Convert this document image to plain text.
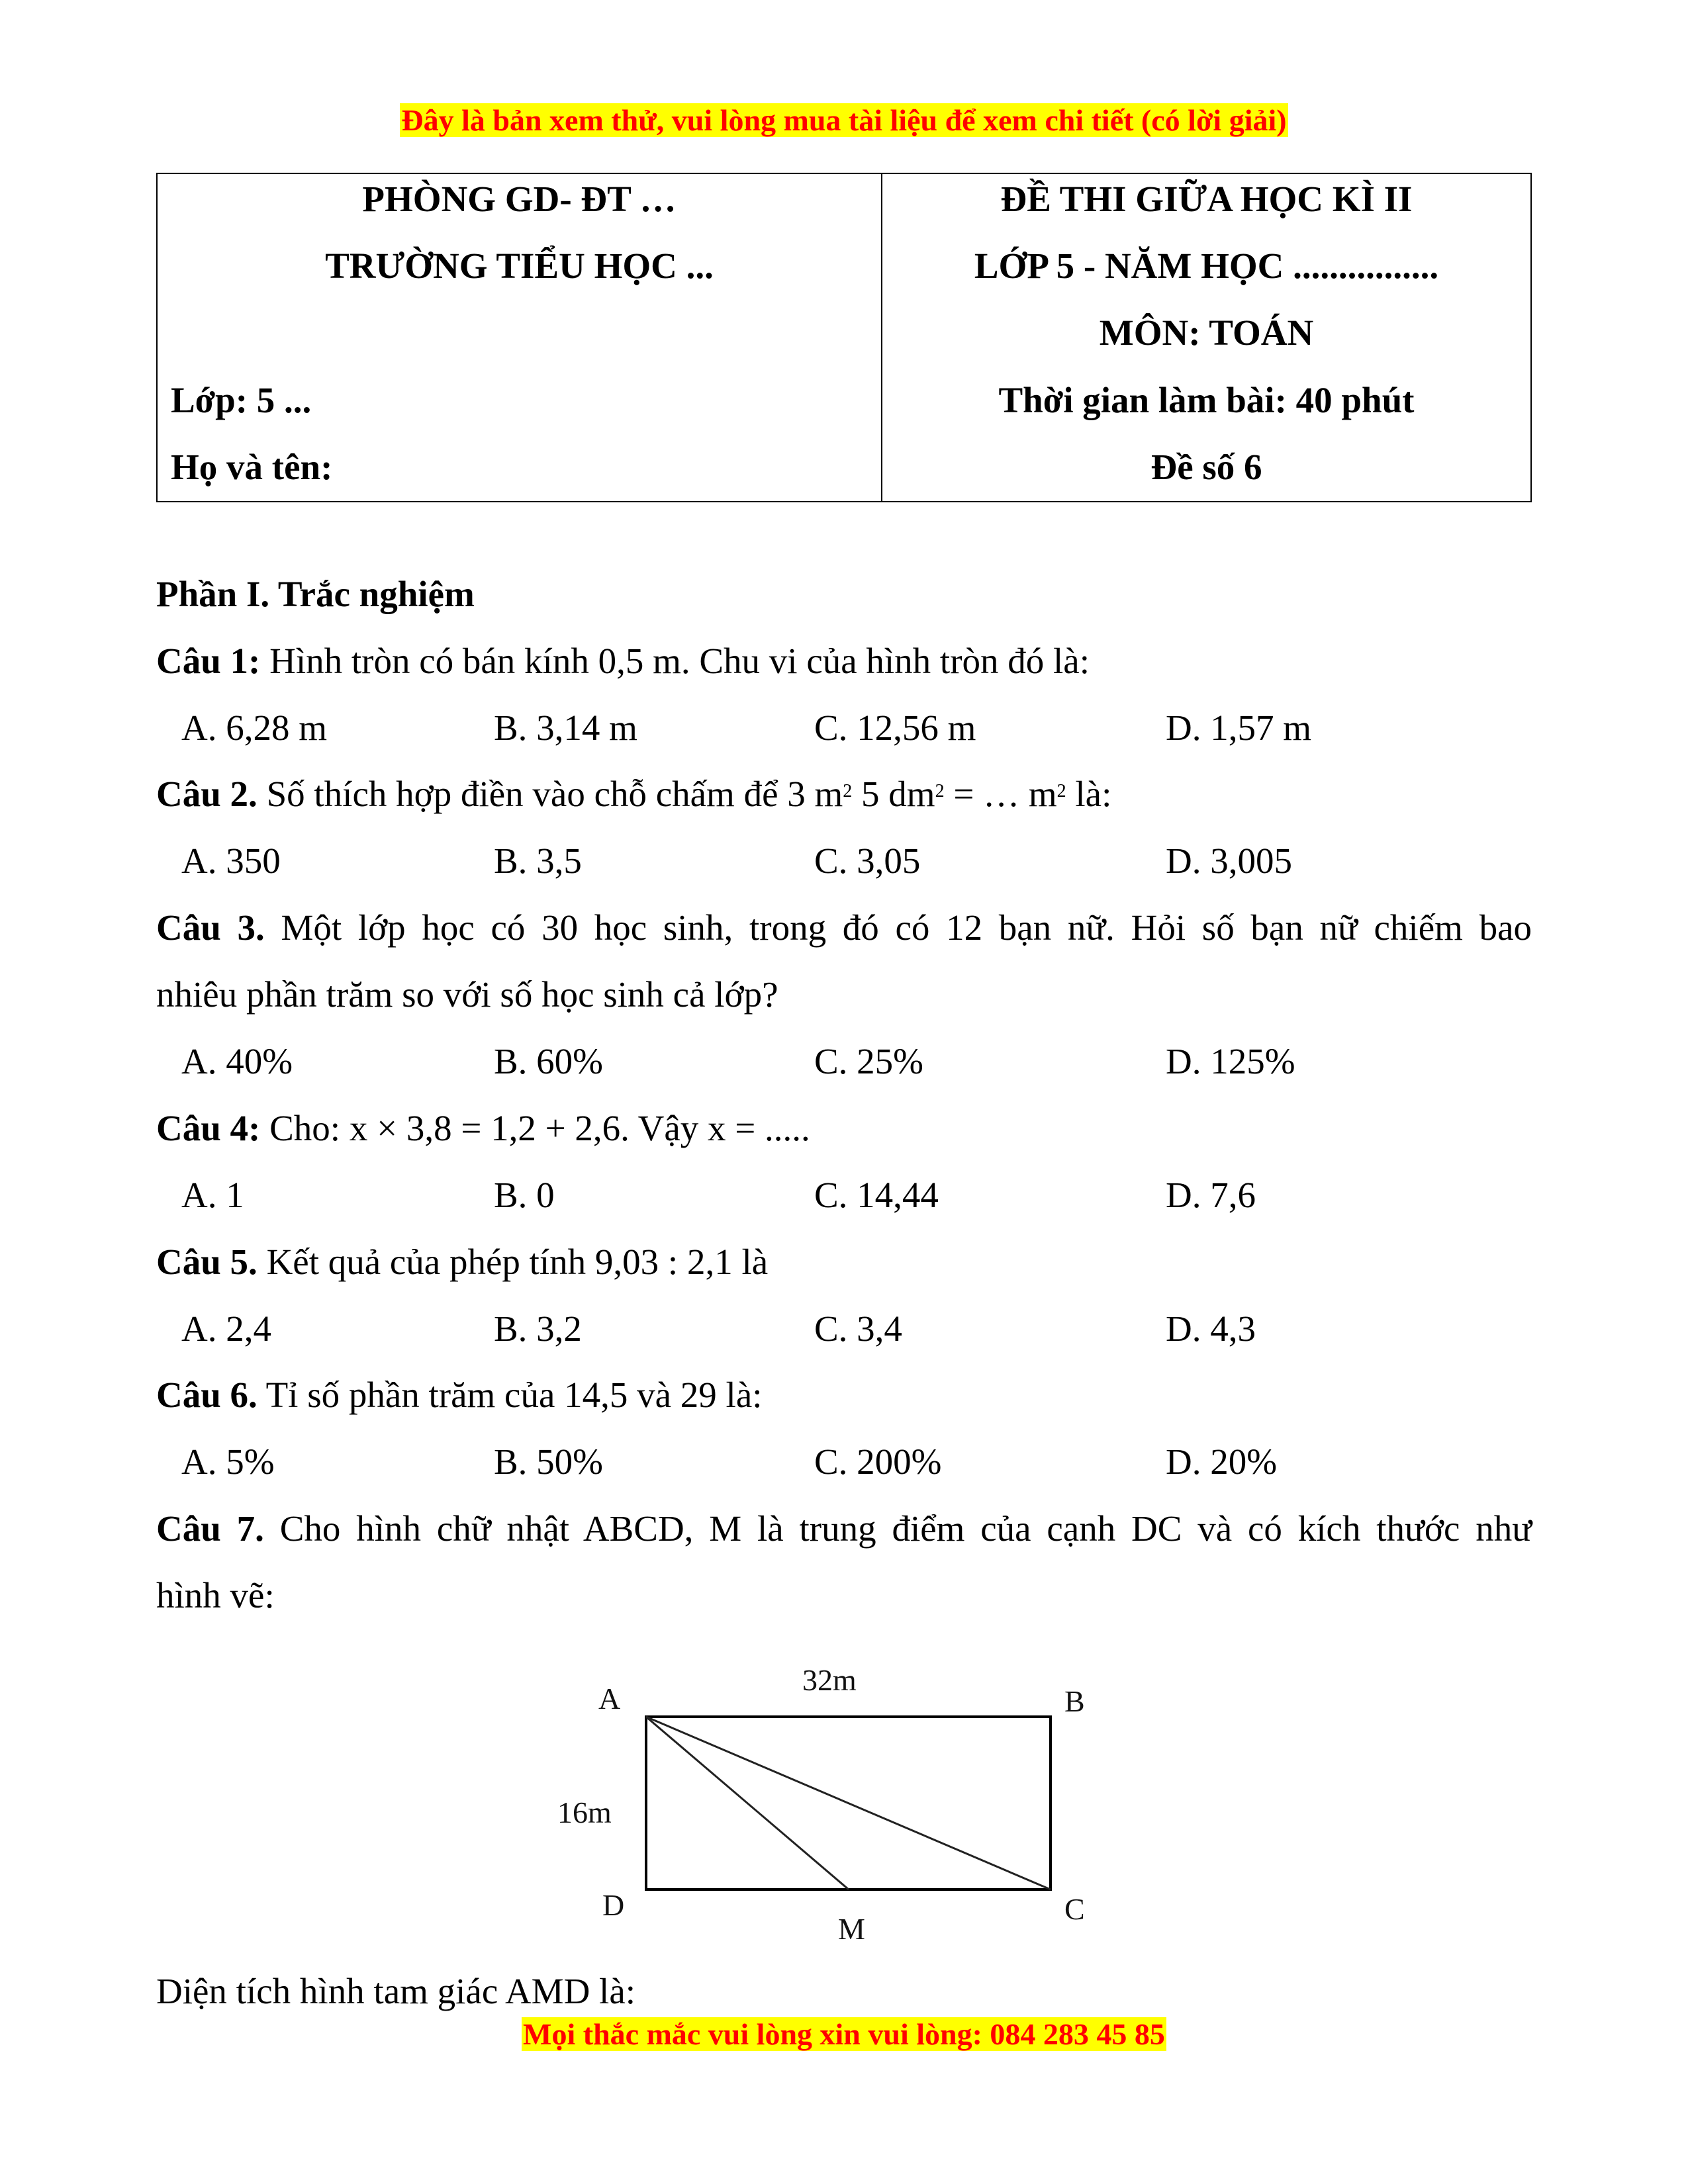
Đây là bản xem thử, vui lòng mua tài liệu để xem chi tiết (có lời giải)
PHÒNG GD- ĐT …
TRƯỜNG TIỂU HỌC ...
Lớp: 5 ...
Họ và tên:
ĐỀ THI GIỮA HỌC KÌ II
LỚP 5 - NĂM HỌC ................
MÔN: TOÁN
Thời gian làm bài: 40 phút
Đề số 6
Phần I. Trắc nghiệm
Câu 1: Hình tròn có bán kính 0,5 m. Chu vi của hình tròn đó là:
A. 6,28 m	B. 3,14 m	C. 12,56 m	D. 1,57 m
Câu 2. Số thích hợp điền vào chỗ chấm để 3 $m^2$ 5 $dm^2$ = … $m^2$ là:
A. 350	B. 3,5	C. 3,05	D. 3,005
Câu 3. Một lớp học có 30 học sinh, trong đó có 12 bạn nữ. Hỏi số bạn nữ chiếm bao
nhiêu phần trăm so với số học sinh cả lớp?
A. 40%	B. 60%	C. 25%	D. 125%
Câu 4: Cho: x × 3,8 = 1,2 + 2,6. Vậy x = .....
A. 1	B. 0	C. 14,44	D. 7,6
Câu 5. Kết quả của phép tính 9,03 : 2,1 là
A. 2,4	B. 3,2	C. 3,4	D. 4,3
Câu 6. Tỉ số phần trăm của 14,5 và 29 là:
A. 5%	B. 50%	C. 200%	D. 20%
Câu 7. Cho hình chữ nhật ABCD, M là trung điểm của cạnh DC và có kích thước như
hình vẽ:
A	B
C
D
M
32m
16m
Diện tích hình tam giác AMD là:
Mọi thắc mắc vui lòng xin vui lòng: 084 283 45 85
